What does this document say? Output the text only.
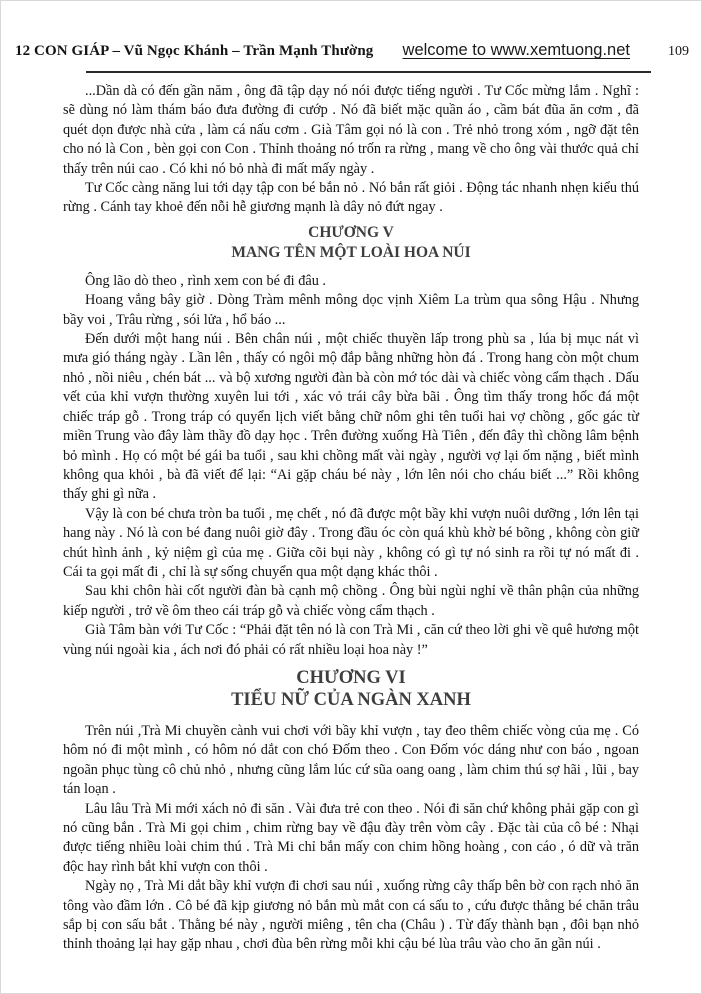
12 CON GIÁP – Vũ Ngọc Khánh – Trần Mạnh Thường welcome to www.xemtuong.net	109

...Dần dà có đến gần năm , ông đã tập dạy nó nói được tiếng người . Tư Cốc mừng lắm . Nghĩ : sẽ dùng nó làm thám báo đưa đường đi cướp . Nó đã biết mặc quần áo , cầm bát đũa ăn cơm , đã quét dọn được nhà cửa , làm cá nấu cơm . Già Tâm gọi nó là con . Trẻ nhỏ trong xóm , ngỡ đặt tên cho nó là Con , bèn gọi con Con . Thỉnh thoảng nó trốn ra rừng , mang về cho ông vài thước quả chỉ thấy trên núi cao . Có khi nó bỏ nhà đi mất mấy ngày .

Tư Cốc càng năng lui tới dạy tập con bé bắn nỏ . Nó bắn rất giỏi . Động tác nhanh nhẹn kiểu thú rừng . Cánh tay khoẻ đến nỗi hễ giương mạnh là dây nỏ đứt ngay .

CHƯƠNG V
MANG TÊN MỘT LOÀI HOA NÚI

Ông lão dò theo , rình xem con bé đi đâu .

Hoang vắng bây giờ . Dòng Tràm mênh mông dọc vịnh Xiêm La trùm qua sông Hậu . Nhưng bầy voi , Trâu rừng , sói lửa , hổ báo ...

Đến dưới một hang núi . Bên chân núi , một chiếc thuyền lấp trong phù sa , lúa bị mục nát vì mưa gió tháng ngày . Lần lên , thấy có ngôi mộ đắp bằng những hòn đá . Trong hang còn một chum nhỏ , nồi niêu , chén bát ... và bộ xương người đàn bà còn mớ tóc dài và chiếc vòng cẩm thạch . Dấu vết của khỉ vượn thường xuyên lui tới , xác vỏ trái cây bừa bãi . Ông tìm thấy trong hốc đá một chiếc tráp gỗ . Trong tráp có quyển lịch viết bằng chữ nôm ghi tên tuổi hai vợ chồng , gốc gác từ miền Trung vào đây làm thầy đồ dạy học . Trên đường xuống Hà Tiên , đến đây thì chồng lâm bệnh bỏ mình . Họ có một bé gái ba tuổi , sau khi chồng mất vài ngày , người vợ lại ốm nặng , biết mình không qua khỏi , bà đã viết để lại: “Ai gặp cháu bé này , lớn lên nói cho cháu biết ...” Rồi không thấy ghi gì nữa .

Vậy là con bé chưa tròn ba tuổi , mẹ chết , nó đã được một bầy khỉ vượn nuôi dưỡng , lớn lên tại hang này . Nó là con bé đang nuôi giờ đây . Trong đầu óc còn quá khù khờ bé bõng , không còn giữ chút hình ảnh , kỷ niệm gì của mẹ . Giữa cõi bụi này , không có gì tự nó sinh ra rồi tự nó mất đi . Cái ta gọi mất đi , chỉ là sự sống chuyển qua một dạng khác thôi .

Sau khi chôn hài cốt người đàn bà cạnh mộ chồng . Ông bùi ngùi nghỉ về thân phận của những kiếp người , trở về ôm theo cái tráp gỗ và chiếc vòng cẩm thạch .

Già Tâm bàn với Tư Cốc : “Phải đặt tên nó là con Trà Mi , căn cứ theo lời ghi về quê hương một vùng núi ngoài kia , ách nơi đó phải có rất nhiều loại hoa này !”

CHƯƠNG VI
TIỂU NỮ CỦA NGÀN XANH

Trên núi ,Trà Mi chuyền cành vui chơi với bầy khỉ vượn , tay đeo thêm chiếc vòng của mẹ . Có hôm nó đi một mình , có hôm nó dắt con chó Đốm theo . Con Đốm vóc dáng như con báo , ngoan ngoãn phục tùng cô chủ nhỏ , nhưng cũng lắm lúc cứ sũa oang oang , làm chim thú sợ hãi , lũi , bay tán loạn .

Lâu lâu Trà Mi mới xách nỏ đi săn . Vài đưa trẻ con theo . Nói đi săn chứ không phải gặp con gì nó cũng bắn . Trà Mi gọi chim , chim rừng bay về đậu đày trên vòm cây . Đặc tài của cô bé : Nhại được tiếng nhiều loài chim thú . Trà Mi chỉ bắn mấy con chim hồng hoàng , con cáo , ó dữ và trăn độc hay rình bắt khỉ vượn con thôi .

Ngày nọ , Trà Mi dắt bầy khỉ vượn đi chơi sau núi , xuống rừng cây thấp bên bờ con rạch nhỏ ăn tông vào đầm lớn . Cô bé đã kịp giương nỏ bắn mù mắt con cá sấu to , cứu được thằng bé chăn trâu sắp bị con sấu bắt . Thằng bé này , người miêng , tên cha (Châu ) . Từ đấy thành bạn , đôi bạn nhỏ thỉnh thoảng lại hay gặp nhau , chơi đùa bên rừng mỗi khi cậu bé lùa trâu vào cho ăn gần núi .
